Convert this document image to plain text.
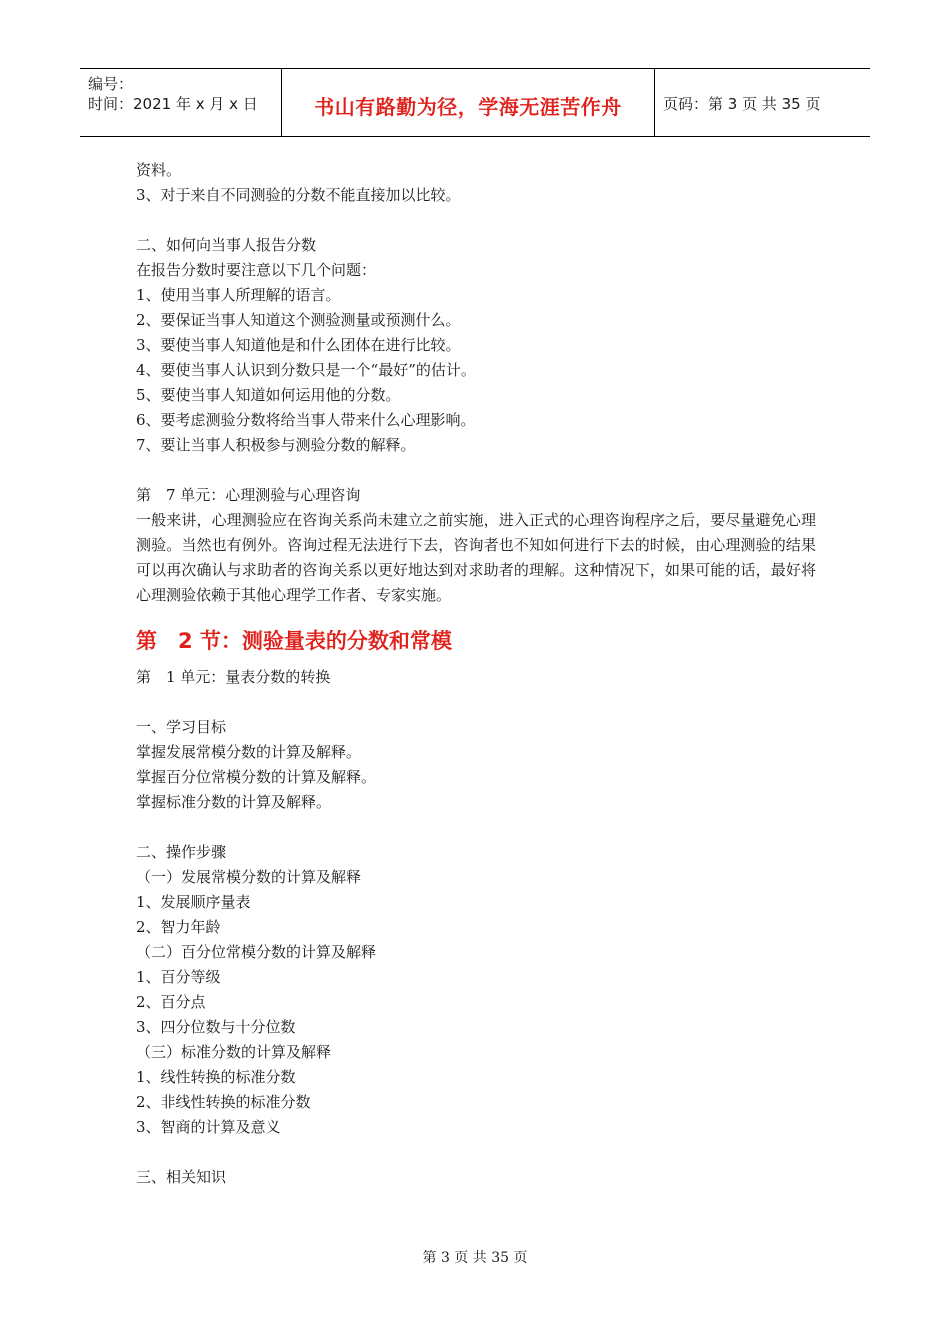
编号：
时间：2021 年 x 月 x 日	书山有路勤为径，学海无涯苦作舟	页码：第 3 页 共 35 页

资料。

3、对于来自不同测验的分数不能直接加以比较。

二、如何向当事人报告分数

在报告分数时要注意以下几个问题：

1、使用当事人所理解的语言。

2、要保证当事人知道这个测验测量或预测什么。

3、要使当事人知道他是和什么团体在进行比较。

4、要使当事人认识到分数只是一个“最好”的估计。

5、要使当事人知道如何运用他的分数。

6、要考虑测验分数将给当事人带来什么心理影响。

7、要让当事人积极参与测验分数的解释。

第　7 单元：心理测验与心理咨询

一般来讲，心理测验应在咨询关系尚未建立之前实施，进入正式的心理咨询程序之后，要尽量避免心理测验。当然也有例外。咨询过程无法进行下去，咨询者也不知如何进行下去的时候，由心理测验的结果可以再次确认与求助者的咨询关系以更好地达到对求助者的理解。这种情况下，如果可能的话，最好将心理测验依赖于其他心理学工作者、专家实施。

第　2 节：测验量表的分数和常模

第　1 单元：量表分数的转换

一、学习目标

掌握发展常模分数的计算及解释。

掌握百分位常模分数的计算及解释。

掌握标准分数的计算及解释。

二、操作步骤

（一）发展常模分数的计算及解释

1、发展顺序量表

2、智力年龄

（二）百分位常模分数的计算及解释

1、百分等级

2、百分点

3、四分位数与十分位数

（三）标准分数的计算及解释

1、线性转换的标准分数

2、非线性转换的标准分数

3、智商的计算及意义

三、相关知识

第 3 页 共 35 页
